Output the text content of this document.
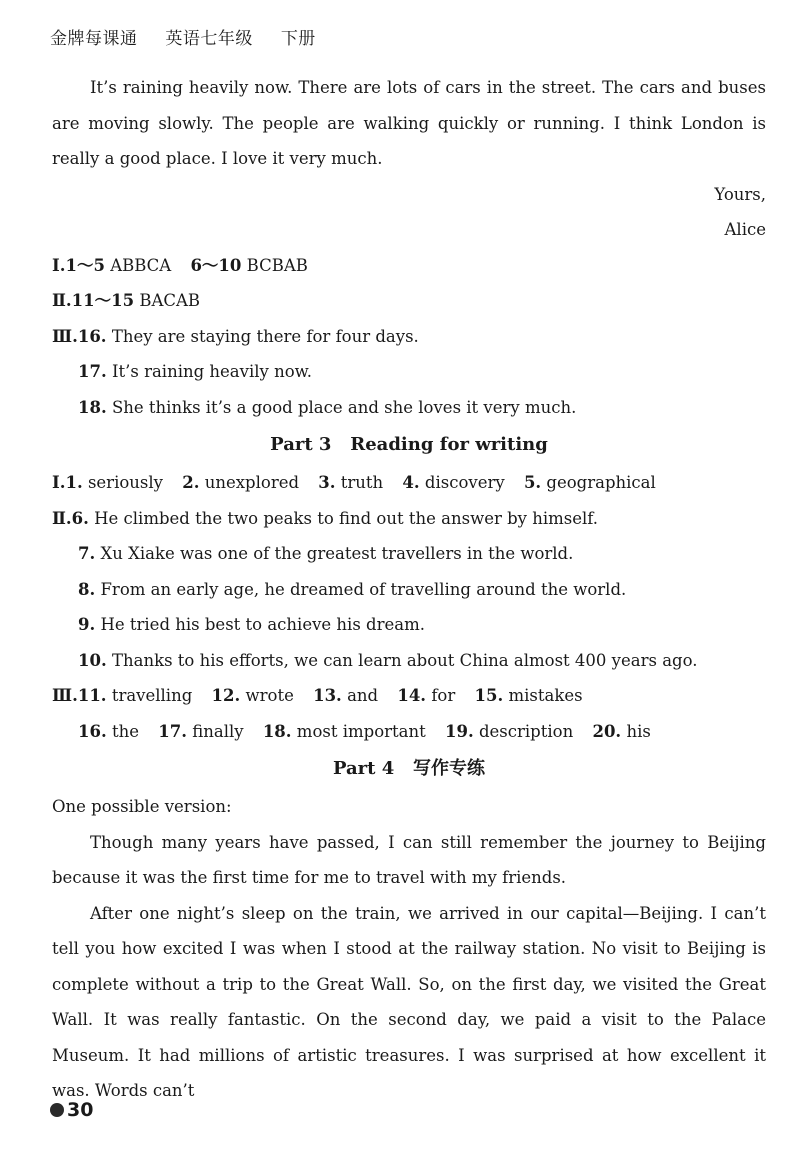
金牌每课通 英语七年级 下册

It’s raining heavily now. There are lots of cars in the street. The cars and buses are moving slowly. The people are walking quickly or running. I think London is really a good place. I love it very much.

Yours,

Alice

Ⅰ.1～5 ABBCA 6～10 BCBAB

Ⅱ.11～15 BACAB

Ⅲ.16. They are staying there for four days.

17. It’s raining heavily now.

18. She thinks it’s a good place and she loves it very much.

Part 3   Reading for writing

Ⅰ.1. seriously 2. unexplored 3. truth 4. discovery 5. geographical

Ⅱ.6. He climbed the two peaks to find out the answer by himself.

7. Xu Xiake was one of the greatest travellers in the world.

8. From an early age, he dreamed of travelling around the world.

9. He tried his best to achieve his dream.

10. Thanks to his efforts, we can learn about China almost 400 years ago.

Ⅲ.11. travelling 12. wrote 13. and 14. for 15. mistakes

16. the 17. finally 18. most important 19. description 20. his

Part 4   写作专练

One possible version:

Though many years have passed, I can still remember the journey to Beijing because it was the first time for me to travel with my friends.

After one night’s sleep on the train, we arrived in our capital—Beijing. I can’t tell you how excited I was when I stood at the railway station. No visit to Beijing is complete without a trip to the Great Wall. So, on the first day, we visited the Great Wall. It was really fantastic. On the second day, we paid a visit to the Palace Museum. It had millions of artistic treasures. I was surprised at how excellent it was. Words can’t

30
